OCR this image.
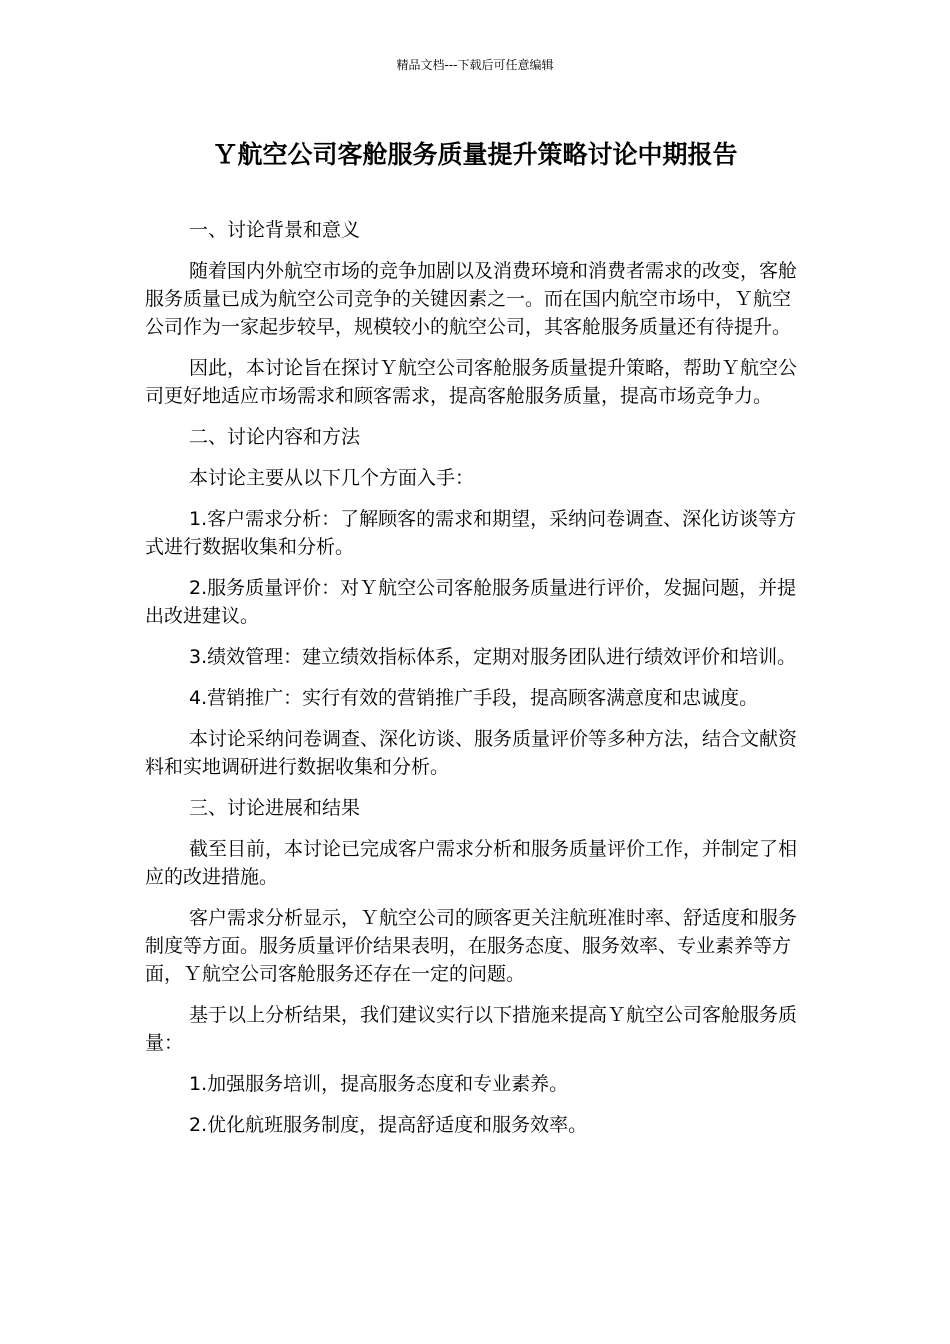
精品文档---下载后可任意编辑
Ｙ航空公司客舱服务质量提升策略讨论中期报告

一、讨论背景和意义

随着国内外航空市场的竞争加剧以及消费环境和消费者需求的改变，客舱服务质量已成为航空公司竞争的关键因素之一。而在国内航空市场中，Ｙ航空公司作为一家起步较早，规模较小的航空公司，其客舱服务质量还有待提升。

因此，本讨论旨在探讨Ｙ航空公司客舱服务质量提升策略，帮助Ｙ航空公司更好地适应市场需求和顾客需求，提高客舱服务质量，提高市场竞争力。

二、讨论内容和方法

本讨论主要从以下几个方面入手：

1.客户需求分析：了解顾客的需求和期望，采纳问卷调查、深化访谈等方式进行数据收集和分析。

2.服务质量评价：对Ｙ航空公司客舱服务质量进行评价，发掘问题，并提出改进建议。

3.绩效管理：建立绩效指标体系，定期对服务团队进行绩效评价和培训。

4.营销推广：实行有效的营销推广手段，提高顾客满意度和忠诚度。

本讨论采纳问卷调查、深化访谈、服务质量评价等多种方法，结合文献资料和实地调研进行数据收集和分析。

三、讨论进展和结果

截至目前，本讨论已完成客户需求分析和服务质量评价工作，并制定了相应的改进措施。

客户需求分析显示，Ｙ航空公司的顾客更关注航班准时率、舒适度和服务制度等方面。服务质量评价结果表明，在服务态度、服务效率、专业素养等方面，Ｙ航空公司客舱服务还存在一定的问题。

基于以上分析结果，我们建议实行以下措施来提高Ｙ航空公司客舱服务质量：

1.加强服务培训，提高服务态度和专业素养。

2.优化航班服务制度，提高舒适度和服务效率。
